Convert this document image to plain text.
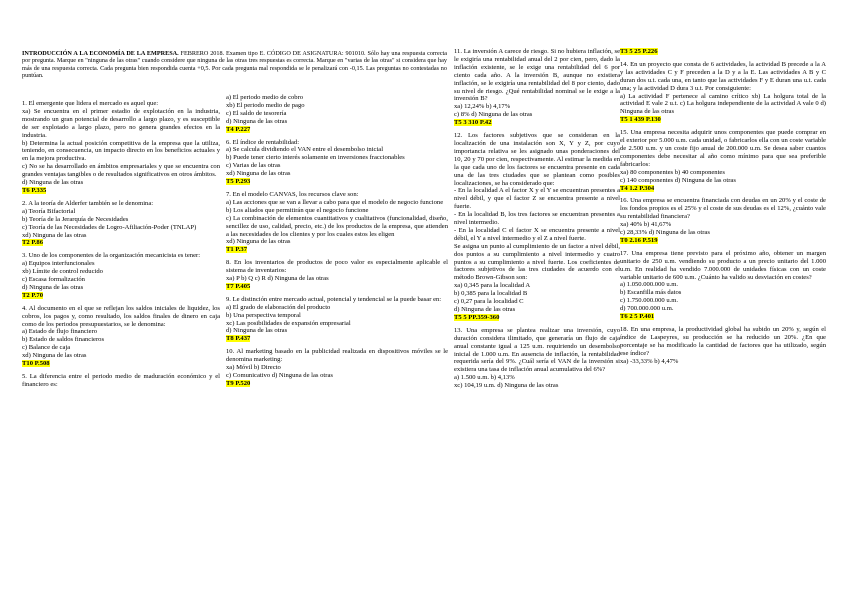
INTRODUCCIÓN A LA ECONOMÍA DE LA EMPRESA. FEBRERO 2018. Examen tipo E. CÓDIGO DE ASIGNATURA: 901010. Sólo hay una respuesta correcta por pregunta. Marque en "ninguna de las otras" cuando considere que ninguna de las otras tres respuestas es correcta. Marque en "varias de las otras" si considera que hay más de una respuesta correcta. Cada pregunta bien respondida cuenta +0,5. Por cada pregunta mal respondida se le penalizará con -0,15. Las preguntas no contestadas no puntúan.
1. El emergente que lidera el mercado es aquel que:
xa) Se encuentra en el primer estadio de explotación en la industria, mostrando un gran potencial de desarrollo a largo plazo, y es susceptible de ser explotado a largo plazo, pero no genera grandes efectos en la industria.
b) Determina la actual posición competitiva de la empresa que la utiliza, teniendo, en consecuencia, un impacto directo en los beneficios actuales y en la mejora productiva.
c) No se ha desarrollado en ámbitos empresariales y que se encuentra con grandes ventajas tangibles o de resultados significativos en otros ámbitos.
d) Ninguna de las otras
T6 P.335
2. A la teoría de Alderfer también se le denomina:
a) Teoría Bifactorial
b) Teoría de la Jerarquía de Necesidades
c) Teoría de las Necesidades de Logro-Afiliación-Poder (TNLAP)
xd) Ninguna de las otras
T2 P.86
3. Uno de los componentes de la organización mecanicista es tener:
a) Equipos interfuncionales
xb) Límite de control reducido
c) Escasa formalización
d) Ninguna de las otras
T2 P.70
4. Al documento en el que se reflejan los saldos iniciales de liquidez, los cobros, los pagos y, como resultado, los saldos finales de dinero en caja como de los periodos presupuestarios, se le denomina:
a) Estado de flujo financiero
b) Estado de saldos financieros
c) Balance de caja
xd) Ninguna de las otras
T10 P.508
5. La diferencia entre el periodo medio de maduración económico y el financiero es:
a) El periodo medio de cobro
xb) El periodo medio de pago
c) El saldo de tesorería
d) Ninguna de las otras
T4 P.227
6. El índice de rentabilidad:
a) Se calcula dividiendo el VAN entre el desembolso inicial
b) Puede tener cierto interés solamente en inversiones fraccionables
c) Varias de las otras
xd) Ninguna de las otras
T5 P.293
7. En el modelo CANVAS, los recursos clave son:
a) Las acciones que se van a llevar a cabo para que el modelo de negocio funcione
b) Los aliados que permitirán que el negocio funcione
c) La combinación de elementos cuantitativos y cualitativos (funcionalidad, diseño, sencillez de uso, calidad, precio, etc.) de los productos de la empresa, que atienden a las necesidades de los clientes y por los cuales estos les eligen
xd) Ninguna de las otras
T1 P.37
8. En los inventarios de productos de poco valor es especialmente aplicable el sistema de inventarios:
xa) P b) Q c) R d) Ninguna de las otras
T7 P.405
9. Le distinción entre mercado actual, potencial y tendencial se la puede basar en:
a) El grado de elaboración del producto
b) Una perspectiva temporal
xc) Las posibilidades de expansión empresarial
d) Ninguna de las otras
T8 P.437
10. Al marketing basado en la publicidad realizada en dispositivos móviles se le denomina marketing:
xa) Móvil b) Directo
c) Comunicativo d) Ninguna de las otras
T9 P.520
11. La inversión A carece de riesgo. Si no hubiera inflación, se le exigiría una rentabilidad anual del 2 por cien, pero, dado la inflación existente, se le exige una rentabilidad del 6 por ciento cada año. A la inversión B, aunque no existiera inflación, se le exigiría una rentabilidad del 8 por ciento, dado su nivel de riesgo. ¿Qué rentabilidad nominal se le exige a la inversión B?
xa) 12,24% b) 4,17%
c) 8% d) Ninguna de las otras
T5 3 310 P.42
12. Los factores subjetivos que se consideran en la localización de una instalación son X, Y y Z, por cuyo importancia relativa se les asignado unas ponderaciones del 10, 20 y 70 por cien, respectivamente. Al estimar la medida en la que cada uno de los factores se encuentra presente en cada una de las tres ciudades que se plantean como posibles localizaciones, se ha considerado que:
- En la localidad A el factor X y el Y se encuentran presentes a nivel débil, y que el factor Z se encuentra presente a nivel fuerte.
- En la localidad B, los tres factores se encuentran presentes a nivel intermedio.
- En la localidad C el factor X se encuentra presente a nivel débil, el Y a nivel intermedio y el Z a nivel fuerte.
Se asigna un punto al cumplimiento de un factor a nivel débil, dos puntos a su cumplimiento a nivel intermedio y cuatro puntos a su cumplimiento a nivel fuerte. Los coeficientes de factores subjetivos de las tres ciudades de acuerdo con el método Brown-Gibson son:
xa) 0,345 para la localidad A
b) 0,385 para la localidad B
c) 0,27 para la localidad C
d) Ninguna de las otras
T5 5 PP.359-360
13. Una empresa se plantea realizar una inversión, cuyo duración considera ilimitado, que generaría un flujo de caja anual constante igual a 125 u.m. requiriendo un desembolso inicial de 1.000 u.m. En ausencia de inflación, la rentabilidad requerida sería del 9%. ¿Cuál sería el VAN de la inversión si existiera una tasa de inflación anual acumulativa del 6%?
a) 1.500 u.m. b) 4,13%
xc) 104,19 u.m. d) Ninguna de las otras
T3 5 25 P.226
14. En un proyecto que consta de 6 actividades, la actividad B precede a la A y las actividades C y F preceden a la D y a la E. Las actividades A B y C duran dos u.t. cada una, en tanto que las actividades F y E duran una u.t. cada una; y la actividad D dura 3 u.t. Por consiguiente:
a) La actividad F pertenece al camino crítico xb) La holgura total de la actividad E vale 2 u.t. c) La holgura independiente de la actividad A vale 0 d) Ninguna de las otras
T5 1 439 P.130
15. Una empresa necesita adquirir unos componentes que puede comprar en el exterior por 5.000 u.m. cada unidad, o fabricarlos ella con un coste variable de 2.500 u.m. y un coste fijo anual de 200.000 u.m. Se desea saber cuantos componentes debe necesitar al año como mínimo para que sea preferible fabricarlos:
xa) 80 componentes b) 40 componentes
c) 140 componentes d) Ninguna de las otras
T4 1.2 P.304
16. Una empresa se encuentra financiada con deudas en un 20% y el coste de los fondos propios es el 25% y el coste de sus deudas es el 12%, ¿cuánto vale su rentabilidad financiera?
xa) 40% b) 41,67%
c) 28,33% d) Ninguna de las otras
T0 2.16 P.519
17. Una empresa tiene previsto para el próximo año, obtener un margen unitario de 250 u.m. vendiendo su producto a un precio unitario del 1.000 u.m. En realidad ha vendido 7.000.000 de unidades físicas con un coste variable unitario de 600 u.m. ¿Cuánto ha valido su desviación en costes?
a) 1.050.000.000 u.m.
b) Escanfilla más datos
c) 1.750.000.000 u.m.
d) 700.000.000 u.m.
T6 2 5 P.401
18. En una empresa, la productividad global ha subido un 20% y, según el índice de Laspeyres, su producción se ha reducido un 20%. ¿En que porcentaje se ha modificado la cantidad de factores que ha utilizado, según ese índice?
xa) -33,33% b) 4,47%
